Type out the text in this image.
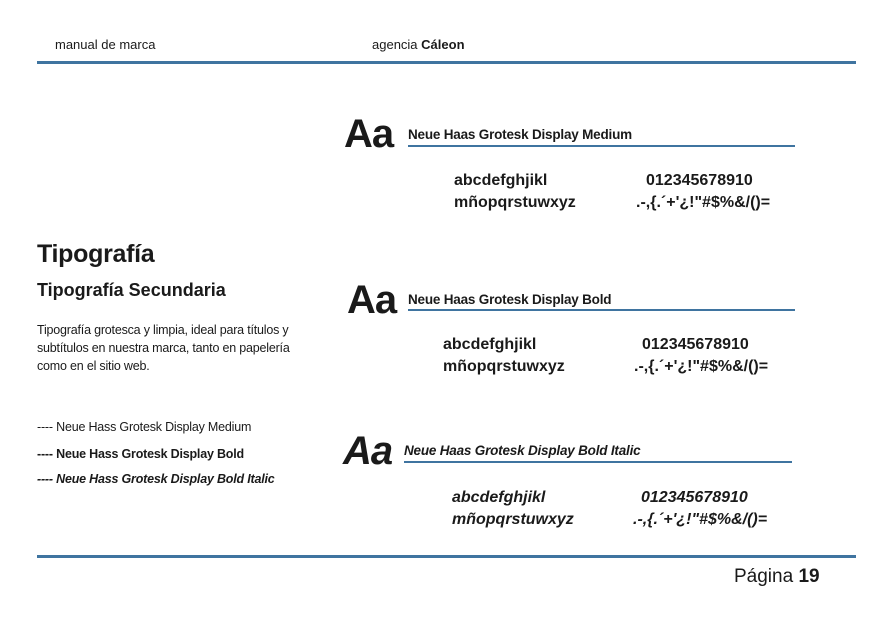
manual de marca	agencia Cáleon
Tipografía
Tipografía Secundaria
Tipografía grotesca y limpia, ideal para títulos y subtítulos en nuestra marca, tanto en papelería como en el sitio web.
---- Neue Hass Grotesk Display Medium
---- Neue Hass Grotesk Display Bold
---- Neue Hass Grotesk Display Bold Italic
Aa Neue Haas Grotesk Display Medium
abcdefghjikl
mñopqrstuwxyz
012345678910
.-,{.´+'¿!"#$%&/()=
Aa Neue Haas Grotesk Display Bold
abcdefghjikl
mñopqrstuwxyz
012345678910
.-,{.´+'¿!"#$%&/()=
Aa Neue Haas Grotesk Display Bold Italic
abcdefghjikl
mñopqrstuwxyz
012345678910
.-,{.´+'¿!"#$%&/()=
Página 19
